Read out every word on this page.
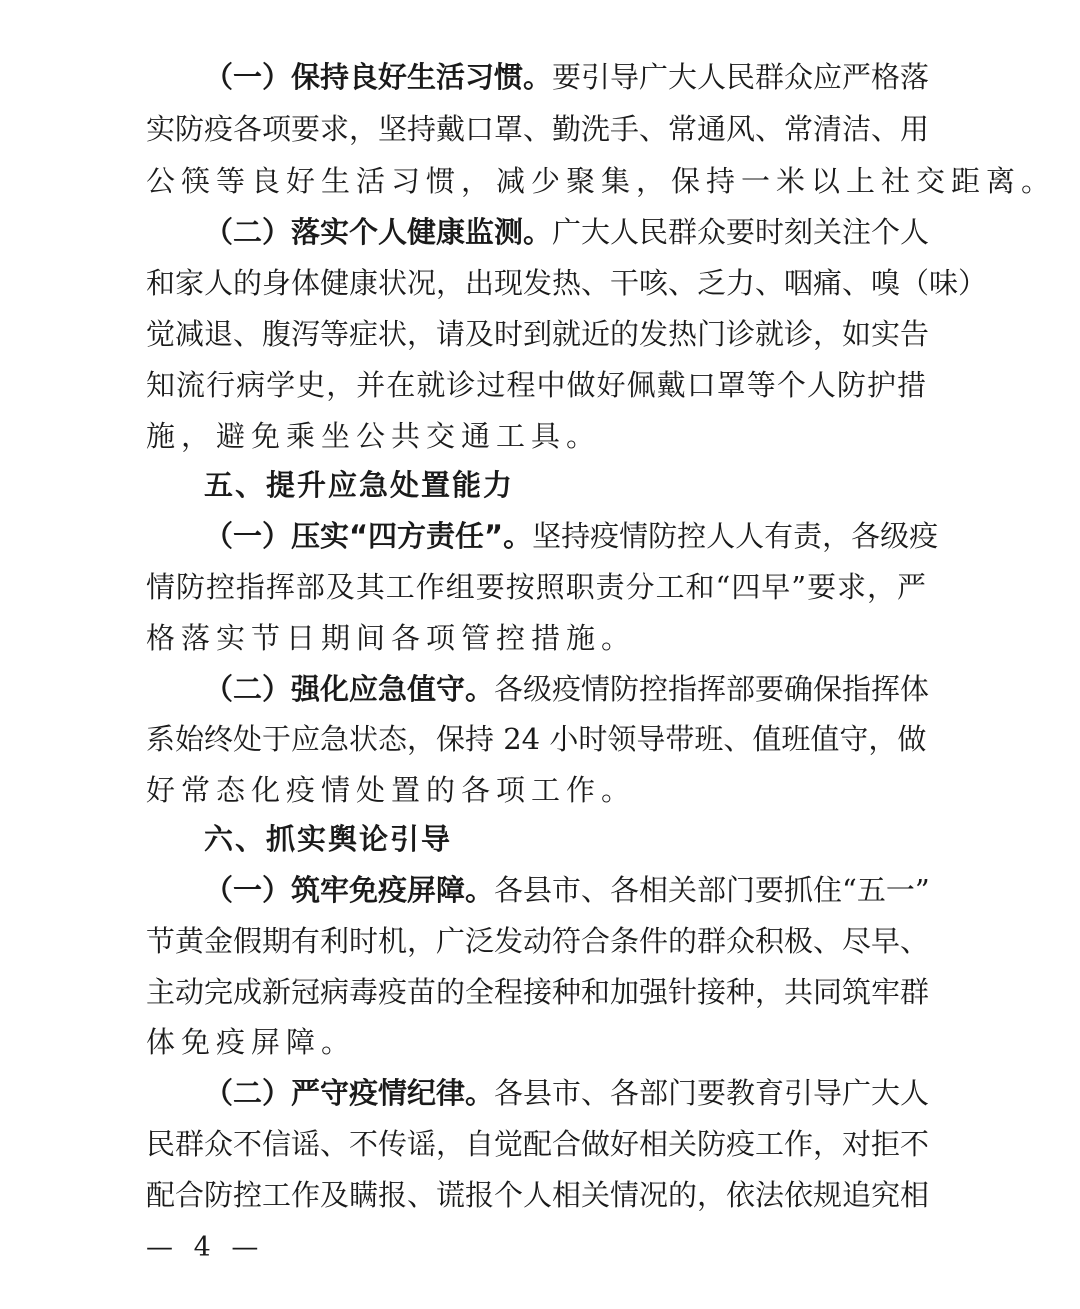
（一）保持良好生活习惯。要引导广大人民群众应严格落
实防疫各项要求，坚持戴口罩、勤洗手、常通风、常清洁、用
公筷等良好生活习惯，减少聚集，保持一米以上社交距离。
（二）落实个人健康监测。广大人民群众要时刻关注个人
和家人的身体健康状况，出现发热、干咳、乏力、咽痛、嗅（味）
觉减退、腹泻等症状，请及时到就近的发热门诊就诊，如实告
知流行病学史，并在就诊过程中做好佩戴口罩等个人防护措
施，避免乘坐公共交通工具。
五、提升应急处置能力
（一）压实“四方责任”。坚持疫情防控人人有责，各级疫
情防控指挥部及其工作组要按照职责分工和“四早”要求，严
格落实节日期间各项管控措施。
（二）强化应急值守。各级疫情防控指挥部要确保指挥体
系始终处于应急状态，保持 24 小时领导带班、值班值守，做
好常态化疫情处置的各项工作。
六、抓实舆论引导
（一）筑牢免疫屏障。各县市、各相关部门要抓住“五一”
节黄金假期有利时机，广泛发动符合条件的群众积极、尽早、
主动完成新冠病毒疫苗的全程接种和加强针接种，共同筑牢群
体免疫屏障。
（二）严守疫情纪律。各县市、各部门要教育引导广大人
民群众不信谣、不传谣，自觉配合做好相关防疫工作，对拒不
配合防控工作及瞒报、谎报个人相关情况的，依法依规追究相
— 4 —
